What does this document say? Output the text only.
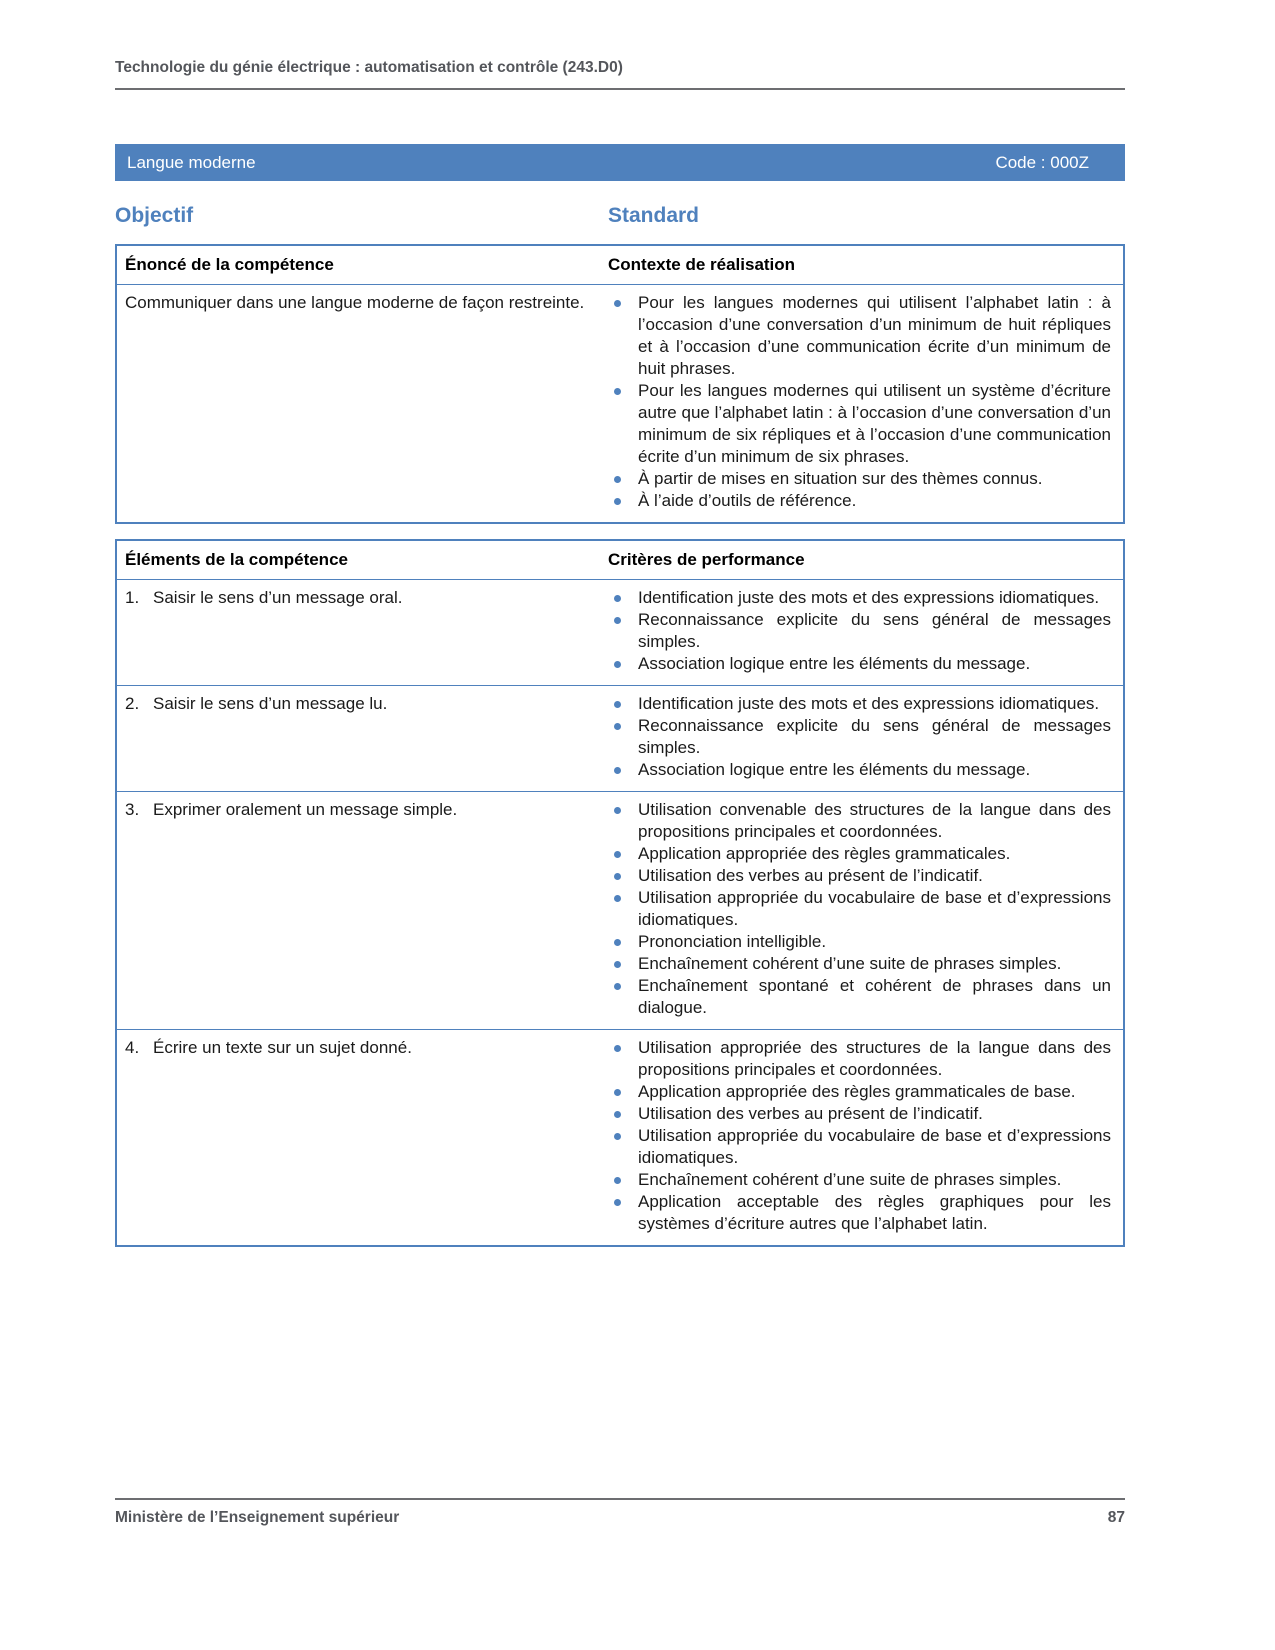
Technologie du génie électrique : automatisation et contrôle (243.D0)
Langue moderne	Code : 000Z
Objectif	Standard
Énoncé de la compétence	Contexte de réalisation
Communiquer dans une langue moderne de façon restreinte.	Pour les langues modernes qui utilisent l’alphabet latin : à l’occasion d’une conversation d’un minimum de huit répliques et à l’occasion d’une communication écrite d’un minimum de huit phrases.
Pour les langues modernes qui utilisent un système d’écriture autre que l’alphabet latin : à l’occasion d’une conversation d’un minimum de six répliques et à l’occasion d’une communication écrite d’un minimum de six phrases.
À partir de mises en situation sur des thèmes connus.
À l’aide d’outils de référence.
Éléments de la compétence	Critères de performance
1. Saisir le sens d’un message oral.	Identification juste des mots et des expressions idiomatiques.
Reconnaissance explicite du sens général de messages simples.
Association logique entre les éléments du message.
2. Saisir le sens d’un message lu.	Identification juste des mots et des expressions idiomatiques.
Reconnaissance explicite du sens général de messages simples.
Association logique entre les éléments du message.
3. Exprimer oralement un message simple.	Utilisation convenable des structures de la langue dans des propositions principales et coordonnées.
Application appropriée des règles grammaticales.
Utilisation des verbes au présent de l’indicatif.
Utilisation appropriée du vocabulaire de base et d’expressions idiomatiques.
Prononciation intelligible.
Enchaînement cohérent d’une suite de phrases simples.
Enchaînement spontané et cohérent de phrases dans un dialogue.
4. Écrire un texte sur un sujet donné.	Utilisation appropriée des structures de la langue dans des propositions principales et coordonnées.
Application appropriée des règles grammaticales de base.
Utilisation des verbes au présent de l’indicatif.
Utilisation appropriée du vocabulaire de base et d’expressions idiomatiques.
Enchaînement cohérent d’une suite de phrases simples.
Application acceptable des règles graphiques pour les systèmes d’écriture autres que l’alphabet latin.
Ministère de l’Enseignement supérieur	87
